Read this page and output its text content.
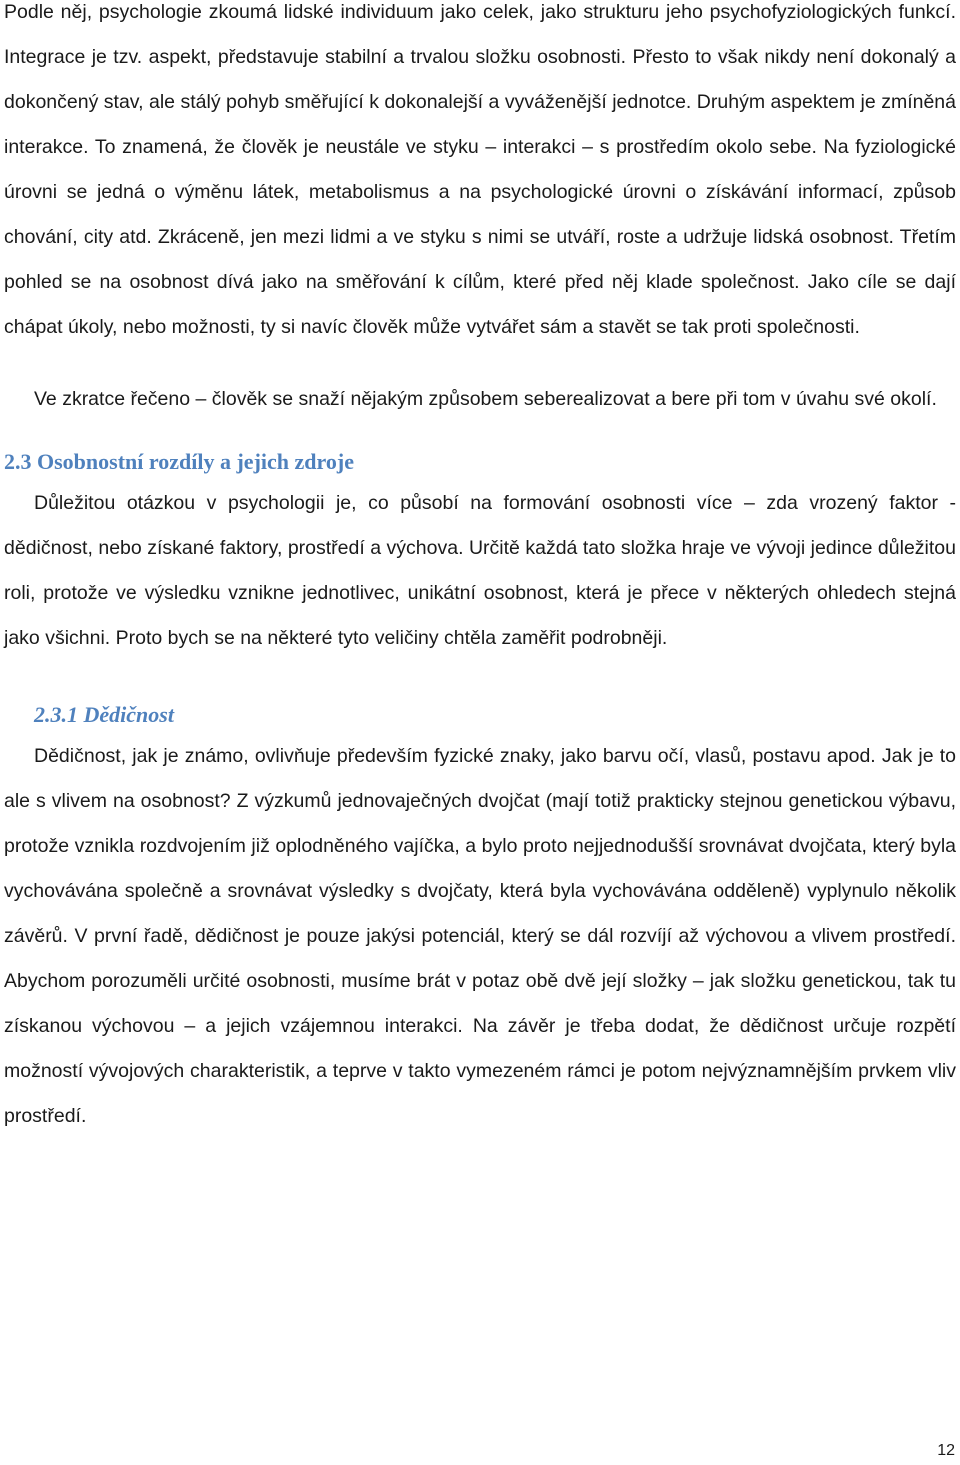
Podle něj, psychologie zkoumá lidské individuum jako celek, jako strukturu jeho psychofyziologických funkcí. Integrace je tzv. aspekt, představuje stabilní a trvalou složku osobnosti. Přesto to však nikdy není dokonalý a dokončený stav, ale stálý pohyb směřující k dokonalejší a vyváženější jednotce. Druhým aspektem je zmíněná interakce. To znamená, že člověk je neustále ve styku – interakci – s prostředím okolo sebe. Na fyziologické úrovni se jedná o výměnu látek, metabolismus a na psychologické úrovni o získávání informací, způsob chování, city atd. Zkráceně, jen mezi lidmi a ve styku s nimi se utváří, roste a udržuje lidská osobnost. Třetím pohled se na osobnost dívá jako na směřování k cílům, které před něj klade společnost. Jako cíle se dají chápat úkoly, nebo možnosti, ty si navíc člověk může vytvářet sám a stavět se tak proti společnosti.

Ve zkratce řečeno – člověk se snaží nějakým způsobem seberealizovat a bere při tom v úvahu své okolí.

2.3 Osobnostní rozdíly a jejich zdroje

Důležitou otázkou v psychologii je, co působí na formování osobnosti více – zda vrozený faktor - dědičnost, nebo získané faktory, prostředí a výchova. Určitě každá tato složka hraje ve vývoji jedince důležitou roli, protože ve výsledku vznikne jednotlivec, unikátní osobnost, která je přece v některých ohledech stejná jako všichni. Proto bych se na některé tyto veličiny chtěla zaměřit podrobněji.

2.3.1 Dědičnost

Dědičnost, jak je známo, ovlivňuje především fyzické znaky, jako barvu očí, vlasů, postavu apod. Jak je to ale s vlivem na osobnost? Z výzkumů jednovaječných dvojčat (mají totiž prakticky stejnou genetickou výbavu, protože vznikla rozdvojením již oplodněného vajíčka, a bylo proto nejjednodušší srovnávat dvojčata, který byla vychovávána společně a srovnávat výsledky s dvojčaty, která byla vychovávána odděleně) vyplynulo několik závěrů. V první řadě, dědičnost je pouze jakýsi potenciál, který se dál rozvíjí až výchovou a vlivem prostředí. Abychom porozuměli určité osobnosti, musíme brát v potaz obě dvě její složky – jak složku genetickou, tak tu získanou výchovou – a jejich vzájemnou interakci. Na závěr je třeba dodat, že dědičnost určuje rozpětí možností vývojových charakteristik, a teprve v takto vymezeném rámci je potom nejvýznamnějším prvkem vliv prostředí.

12
